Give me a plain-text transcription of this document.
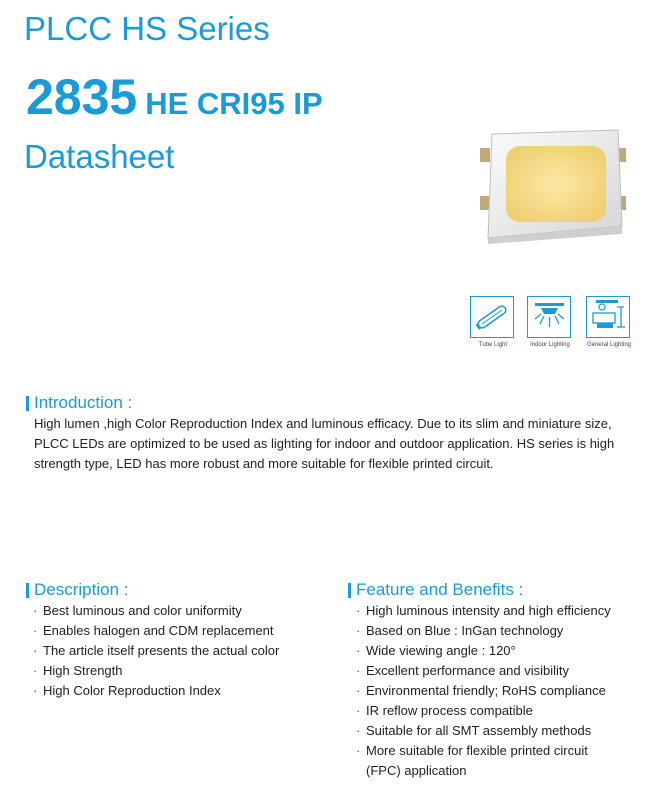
PLCC HS Series
2835 HE CRI95 IP
Datasheet
Tube Light	Indoor Lighting	General Lighting
Introduction :
High lumen ,high Color Reproduction Index and luminous efficacy. Due to its slim and miniature size, PLCC LEDs are optimized to be used as lighting for indoor and outdoor application. HS series is high strength type, LED has more robust and more suitable for flexible printed circuit.
Description :
· Best luminous and color uniformity
· Enables halogen and CDM replacement
· The article itself presents the actual color
· High Strength
· High Color Reproduction Index
Feature and Benefits :
· High luminous intensity and high efficiency
· Based on Blue : InGan technology
· Wide viewing angle : 120°
· Excellent performance and visibility
· Environmental friendly; RoHS compliance
· IR reflow process compatible
· Suitable for all SMT assembly methods
· More suitable for flexible printed circuit
(FPC) application
